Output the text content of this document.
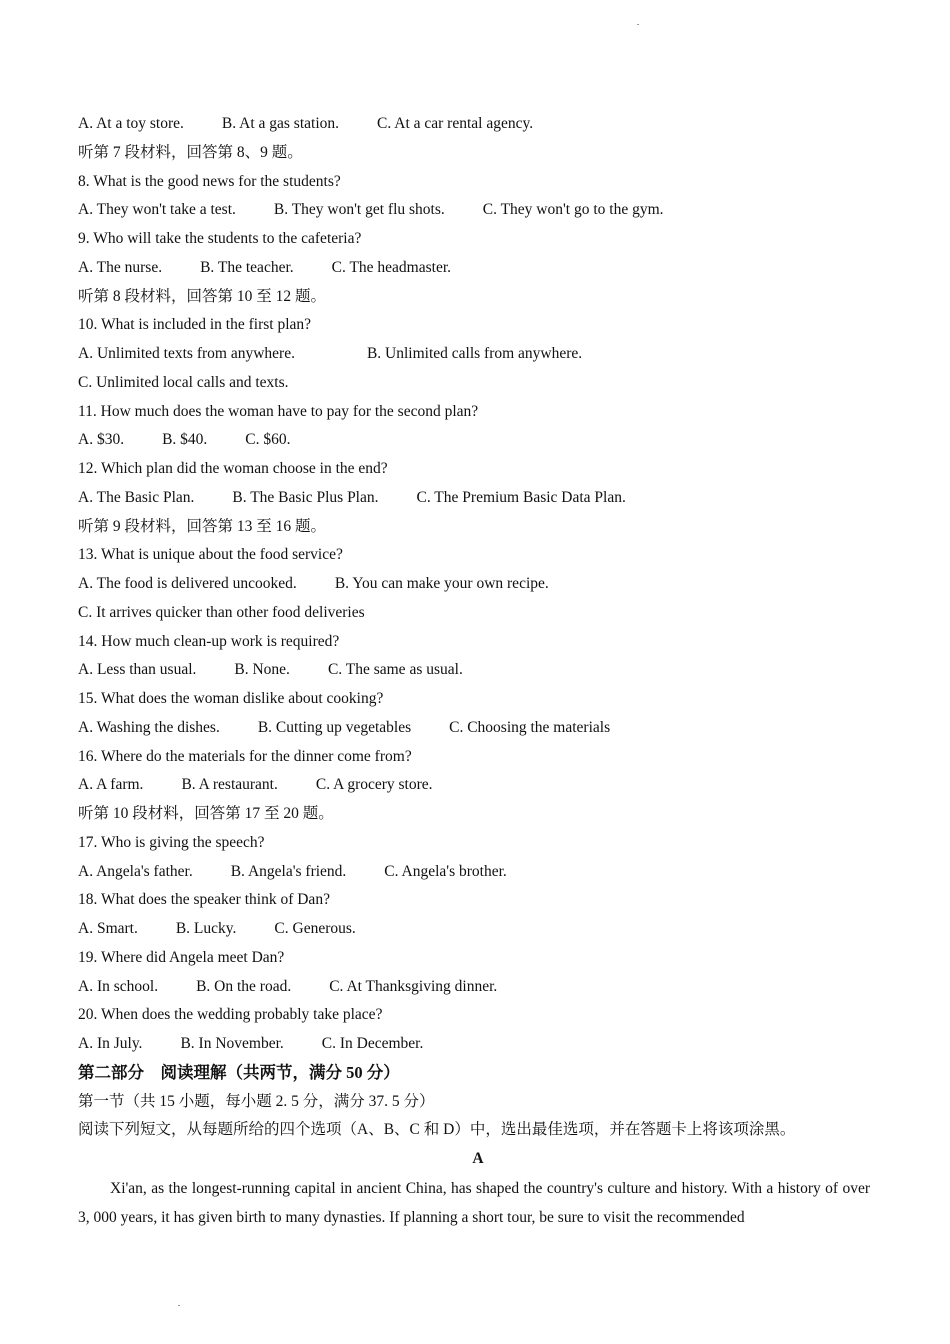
A. At a toy store. B. At a gas station. C. At a car rental agency.
听第 7 段材料，回答第 8、9 题。
8. What is the good news for the students?
A. They won't take a test. B. They won't get flu shots. C. They won't go to the gym.
9. Who will take the students to the cafeteria?
A. The nurse. B. The teacher. C. The headmaster.
听第 8 段材料，回答第 10 至 12 题。
10. What is included in the first plan?
A. Unlimited texts from anywhere.	B. Unlimited calls from anywhere.
C. Unlimited local calls and texts.
11. How much does the woman have to pay for the second plan?
A. $30. B. $40. C. $60.
12. Which plan did the woman choose in the end?
A. The Basic Plan. B. The Basic Plus Plan. C. The Premium Basic Data Plan.
听第 9 段材料，回答第 13 至 16 题。
13. What is unique about the food service?
A. The food is delivered uncooked. B. You can make your own recipe.
C. It arrives quicker than other food deliveries
14. How much clean-up work is required?
A. Less than usual. B. None. C. The same as usual.
15. What does the woman dislike about cooking?
A. Washing the dishes. B. Cutting up vegetables C. Choosing the materials
16. Where do the materials for the dinner come from?
A. A farm. B. A restaurant. C. A grocery store.
听第 10 段材料，回答第 17 至 20 题。
17. Who is giving the speech?
A. Angela's father. B. Angela's friend. C. Angela's brother.
18. What does the speaker think of Dan?
A. Smart. B. Lucky. C. Generous.
19. Where did Angela meet Dan?
A. In school. B. On the road. C. At Thanksgiving dinner.
20. When does the wedding probably take place?
A. In July. B. In November. C. In December.
第二部分　阅读理解（共两节，满分 50 分）
第一节（共 15 小题，每小题 2. 5 分，满分 37. 5 分）
阅读下列短文，从每题所给的四个选项（A、B、C 和 D）中，选出最佳选项，并在答题卡上将该项涂黑。
A

Xi'an, as the longest-running capital in ancient China, has shaped the country's culture and history. With a history of over 3, 000 years, it has given birth to many dynasties. If planning a short tour, be sure to visit the recommended
